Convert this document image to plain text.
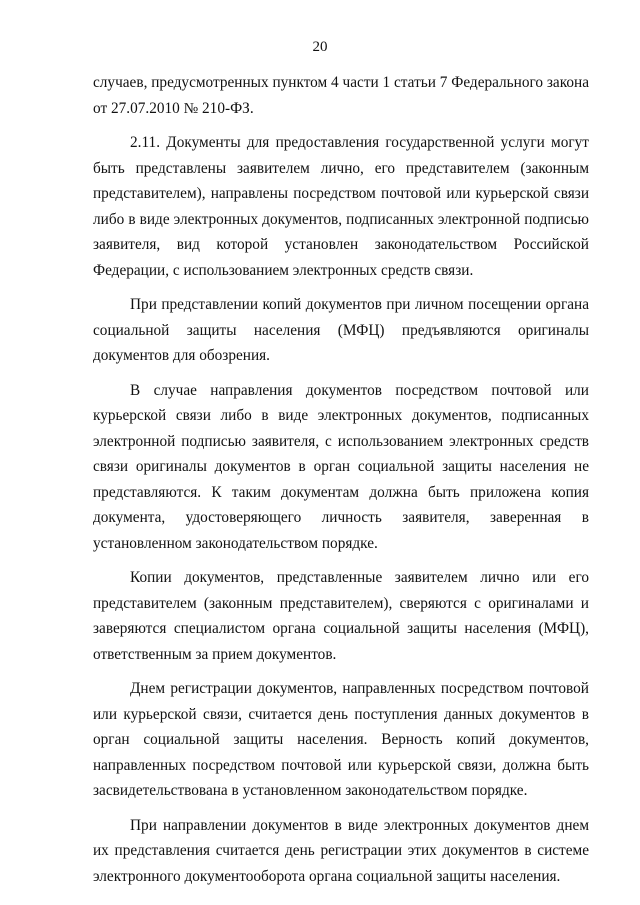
20

случаев, предусмотренных пунктом 4 части 1 статьи 7 Федерального закона от 27.07.2010 № 210-ФЗ.

2.11. Документы для предоставления государственной услуги могут быть представлены заявителем лично, его представителем (законным представителем), направлены посредством почтовой или курьерской связи либо в виде электронных документов, подписанных электронной подписью заявителя, вид которой установлен законодательством Российской Федерации, с использованием электронных средств связи.

При представлении копий документов при личном посещении органа социальной защиты населения (МФЦ) предъявляются оригиналы документов для обозрения.

В случае направления документов посредством почтовой или курьерской связи либо в виде электронных документов, подписанных электронной подписью заявителя, с использованием электронных средств связи оригиналы документов в орган социальной защиты населения не представляются. К таким документам должна быть приложена копия документа, удостоверяющего личность заявителя, заверенная в установленном законодательством порядке.

Копии документов, представленные заявителем лично или его представителем (законным представителем), сверяются с оригиналами и заверяются специалистом органа социальной защиты населения (МФЦ), ответственным за прием документов.

Днем регистрации документов, направленных посредством почтовой или курьерской связи, считается день поступления данных документов в орган социальной защиты населения. Верность копий документов, направленных посредством почтовой или курьерской связи, должна быть засвидетельствована в установленном законодательством порядке.

При направлении документов в виде электронных документов днем их представления считается день регистрации этих документов в системе электронного документооборота органа социальной защиты населения.
